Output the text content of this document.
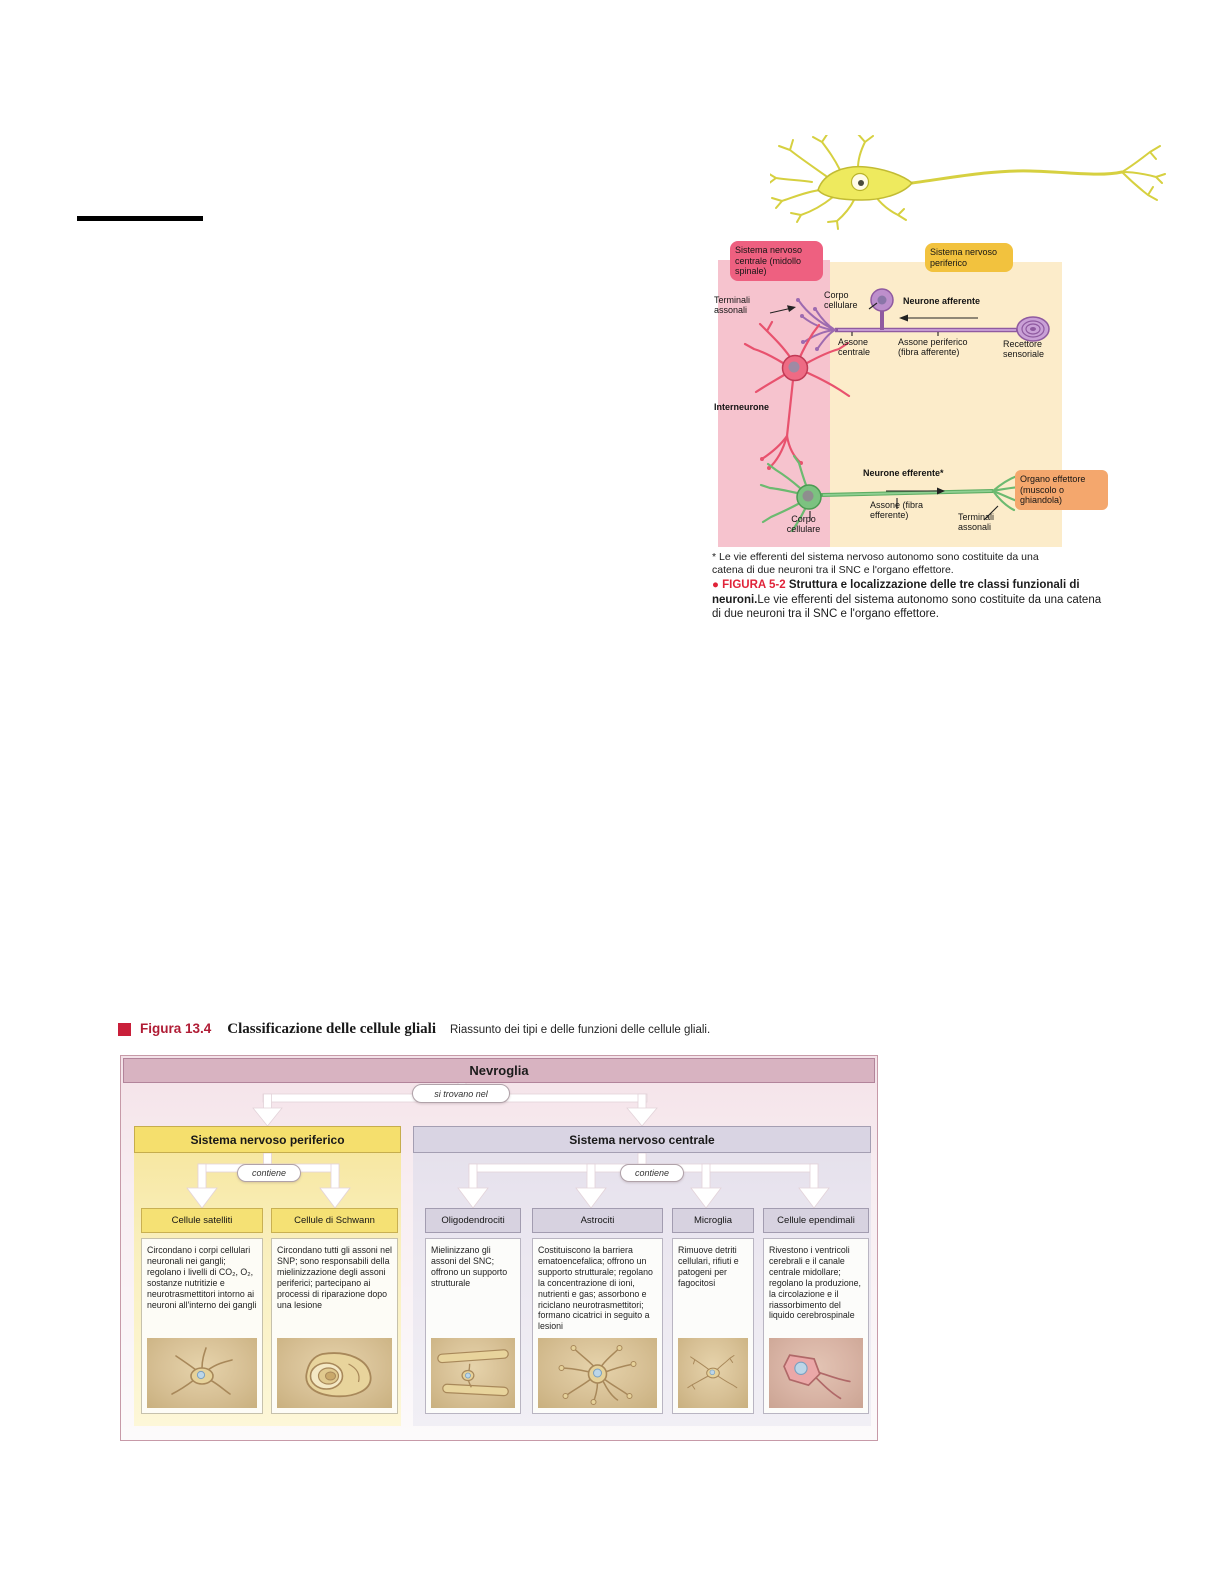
Sistema nervoso centrale (midollo spinale)
Sistema nervoso periferico
Organo effettore (muscolo o ghiandola)
Terminali assonali
Corpo cellulare	Neurone afferente
Assone centrale
Assone periferico (fibra afferente)
Recettore sensoriale
Interneurone
Neurone efferente*
Assone (fibra efferente)	Terminali assonali
Corpo cellulare
* Le vie efferenti del sistema nervoso autonomo sono costituite da una catena di due neuroni tra il SNC e l'organo effettore.
● FIGURA 5-2 Struttura e localizzazione delle tre classi funzionali di neuroni.Le vie efferenti del sistema autonomo sono costituite da una catena di due neuroni tra il SNC e l'organo effettore.
Figura 13.4 Classificazione delle cellule gliali Riassunto dei tipi e delle funzioni delle cellule gliali.
Nevroglia
Sistema nervoso periferico	Sistema nervoso centrale
si trovano nel
contiene	contiene
Cellule satelliti	Cellule di Schwann	Oligodendrociti	Astrociti	Microglia	Cellule ependimali
Circondano i corpi cellulari neuronali nei gangli; regolano i livelli di CO₂, O₂, sostanze nutritizie e neurotrasmettitori intorno ai neuroni all'interno dei gangli
Circondano tutti gli assoni nel SNP; sono responsabili della mielinizzazione degli assoni periferici; partecipano ai processi di riparazione dopo una lesione
Mielinizzano gli assoni del SNC; offrono un supporto strutturale
Costituiscono la barriera ematoencefalica; offrono un supporto strutturale; regolano la concentrazione di ioni, nutrienti e gas; assorbono e riciclano neurotrasmettitori; formano cicatrici in seguito a lesioni
Rimuove detriti cellulari, rifiuti e patogeni per fagocitosi
Rivestono i ventricoli cerebrali e il canale centrale midollare; regolano la produzione, la circolazione e il riassorbimento del liquido cerebrospinale
